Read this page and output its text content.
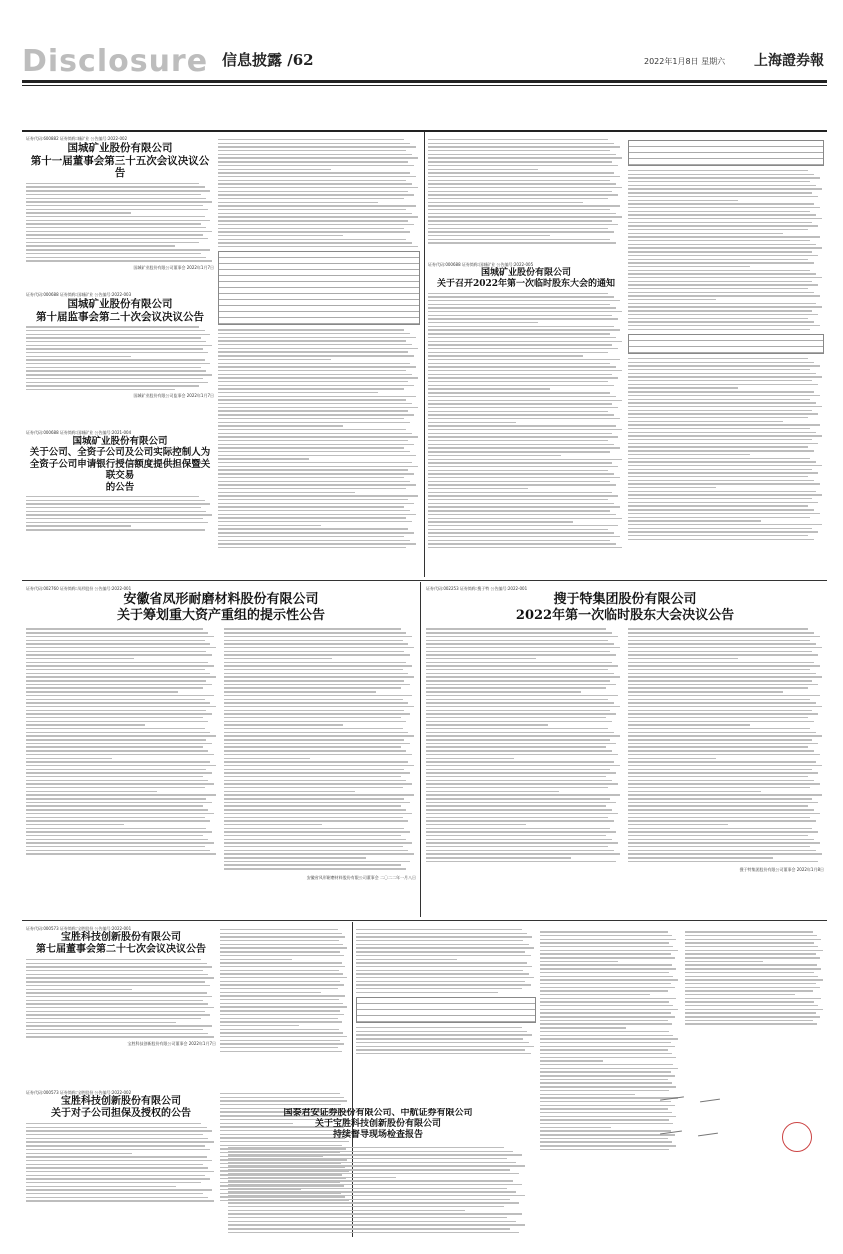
Disclosure 信息披露 /62	2022年1月8日 星期六 上海證券報
证券代码:600882 证券简称:城矿业 公告编号:2022-002
国城矿业股份有限公司
第十一届董事会第三十五次会议决议公告
国城矿业股份有限公司董事会 2022年1月7日
证券代码:000688 证券简称:国城矿业 公告编号:2022-003
国城矿业股份有限公司
第十届监事会第二十次会议决议公告
国城矿业股份有限公司监事会 2022年1月7日
证券代码:000688 证券简称:国城矿业 公告编号:2021-004
国城矿业股份有限公司
关于公司、全资子公司及公司实际控制人为
全资子公司申请银行授信额度提供担保暨关联交易
的公告
证券代码:000688 证券简称:国城矿业 公告编号:2022-005
国城矿业股份有限公司
关于召开2022年第一次临时股东大会的通知
证券代码:002760 证券简称:凤形股份 公告编号:2022-001
安徽省凤形耐磨材料股份有限公司
关于筹划重大资产重组的提示性公告
安徽省凤形耐磨材料股份有限公司董事会 二〇二二年一月八日
证券代码:002253 证券简称:搜于特 公告编号:2022-001
搜于特集团股份有限公司
2022年第一次临时股东大会决议公告
搜于特集团股份有限公司董事会 2022年1月8日
证券代码:000573 证券简称:宝胜股份 公告编号:2022-001
宝胜科技创新股份有限公司
第七届董事会第二十七次会议决议公告
宝胜科技创新股份有限公司董事会 2022年1月7日
证券代码:000573 证券简称:宝胜股份 公告编号:2022-002
宝胜科技创新股份有限公司
关于对子公司担保及授权的公告	国泰君安证券股份有限公司、中航证券有限公司
关于宝胜科技创新股份有限公司
持续督导现场检查报告
